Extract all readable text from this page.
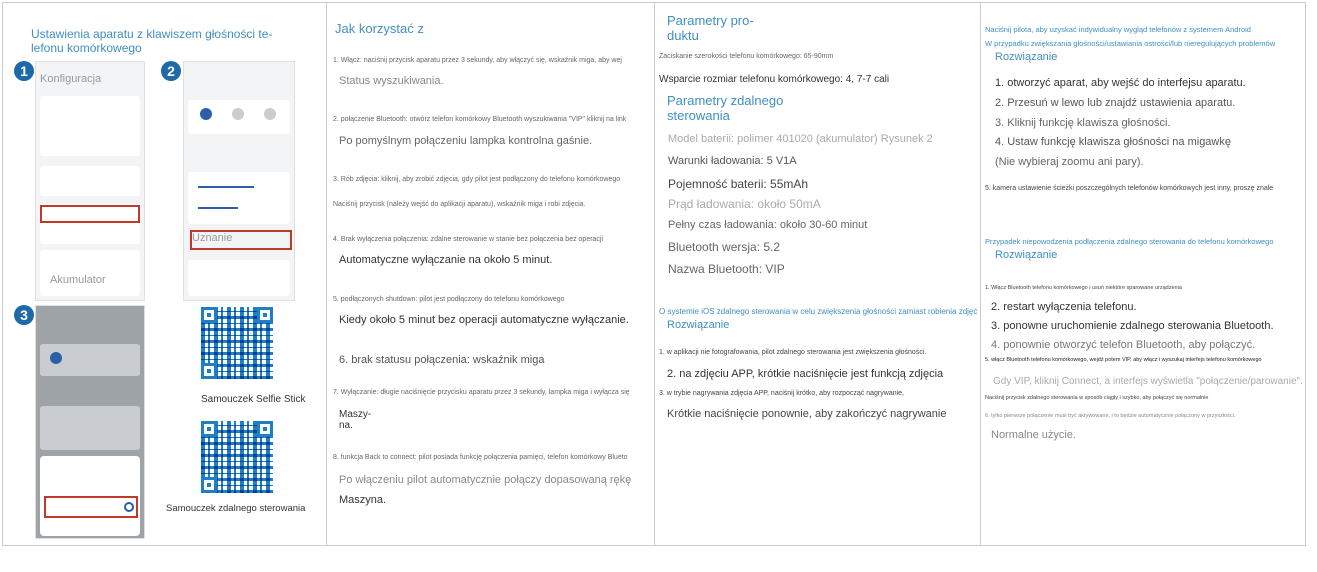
Ustawienia aparatu z klawiszem głośności te-
lefonu komórkowego
1	Konfiguracja
Akumulator
2
Uznanie
3
Samouczek Selfie Stick
Samouczek zdalnego sterowania
Jak korzystać z
1. Włącz: naciśnij przycisk aparatu przez 3 sekundy, aby włączyć się, wskaźnik miga, aby wej
Status wyszukiwania.
2. połączenie Bluetooth: otwórz telefon komórkowy Bluetooth wyszukiwania "VIP" kliknij na link
Po pomyślnym połączeniu lampka kontrolna gaśnie.
3. Rób zdjęcia: kliknij, aby zrobić zdjęcia, gdy pilot jest podłączony do telefonu komórkowego
Naciśnij przycisk (należy wejść do aplikacji aparatu), wskaźnik miga i robi zdjęcia.
4. Brak wyłączenia połączenia: zdalne sterowanie w stanie bez połączenia bez operacji
Automatyczne wyłączanie na około 5 minut.
5. podłączonych shutdown: pilot jest podłączony do telefonu komórkowego
Kiedy około 5 minut bez operacji automatyczne wyłączanie.
6. brak statusu połączenia: wskaźnik miga
7. Wyłączanie: długie naciśnięcie przycisku aparatu przez 3 sekundy, lampka miga i wyłącza się
Maszy-
na.
8. funkcja Back to connect: pilot posiada funkcję połączenia pamięci, telefon komórkowy Blueto
Po włączeniu pilot automatycznie połączy dopasowaną rękę
Maszyna.
Parametry pro-
duktu
Zaciskanie szerokości telefonu komórkowego: 65-90mm
Wsparcie rozmiar telefonu komórkowego: 4, 7-7 cali
Parametry zdalnego
sterowania
Model baterii: polimer 401020 (akumulator) Rysunek 2
Warunki ładowania: 5 V1A
Pojemność baterii: 55mAh
Prąd ładowania: około 50mA
Pełny czas ładowania: około 30-60 minut
Bluetooth wersja: 5.2
Nazwa Bluetooth: VIP
O systemie iOS zdalnego sterowania w celu zwiększenia głośności zamiast robienia zdjęć
Rozwiązanie
1. w aplikacji nie fotografowania, pilot zdalnego sterowania jest zwiększenia głośności.
2. na zdjęciu APP, krótkie naciśnięcie jest funkcją zdjęcia
3. w trybie nagrywania zdjęcia APP, naciśnij krótko, aby rozpocząć nagrywanie,
Krótkie naciśnięcie ponownie, aby zakończyć nagrywanie
Naciśnij pilota, aby uzyskać indywidualny wygląd telefonów z systemem Android
W przypadku zwiększania głośności/ustawiania ostrości/lub nieregulujących problemów
Rozwiązanie
1. otworzyć aparat, aby wejść do interfejsu aparatu.
2. Przesuń w lewo lub znajdź ustawienia aparatu.
3. Kliknij funkcję klawisza głośności.
4. Ustaw funkcję klawisza głośności na migawkę
(Nie wybieraj zoomu ani pary).
5. kamera ustawienie ścieżki poszczególnych telefonów komórkowych jest inny, proszę znale
Przypadek niepowodzenia podłączenia zdalnego sterowania do telefonu komórkowego
Rozwiązanie
1. Włącz Bluetooth telefonu komórkowego i usuń niektóre sparowane urządzenia
2. restart wyłączenia telefonu.
3. ponowne uruchomienie zdalnego sterowania Bluetooth.
4. ponownie otworzyć telefon Bluetooth, aby połączyć.
5. włącz Bluetooth telefonu komórkowego, wejdź potem VIP, aby włącz i wyszukaj interfejs telefonu komórkowego
Gdy VIP, kliknij Connect, a interfejs wyświetla "połączenie/parowanie".
Naciśnij przycisk zdalnego sterowania w sposób ciągły i szybko, aby połączyć się normalnie
6. tylko pierwsze połączenie musi być aktywowane, i to będzie automatycznie połączony w przyszłości.
Normalne użycie.
